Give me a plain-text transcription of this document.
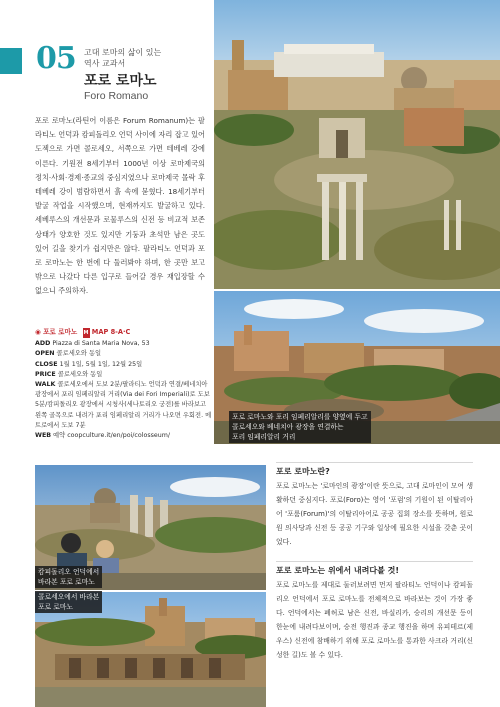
05 고대 로마의 삶이 있는
역사 교과서
포로 로마노
Foro Romano
포로 로마노(라틴어 이름은 Forum Romanum)는 팔라티노 언덕과 캄피돌리오 언덕 사이에 자리 잡고 있어 도젝으로 가면 콜로세오, 서쪽으로 가면 테베레 강에 이른다. 기원전 8세기부터 1000년 이상 로마제국의 정치·사회·경제·종교의 중심지였으나 로마제국 몰락 후 테베레 강이 범람하면서 흙 속에 묻혔다. 18세기부터 발굴 작업을 시작했으며, 현재까지도 발굴하고 있다. 세베루스의 개선문과 로물루스의 신전 등 비교적 보존 상태가 양호한 것도 있지만 기둥과 초석만 남은 곳도 있어 길을 찾기가 쉽지만은 않다. 팔라티노 언덕과 포로 로마노는 한 번에 다 둘러봐야 하며, 한 곳만 보고 밖으로 나갔다 다른 입구로 들어갈 경우 재입장할 수 없으니 주의하자.
◉ 포로 로마노 M MAP 8-A·C
ADD Piazza di Santa Maria Nova, 53
OPEN 콜로세오와 동일
CLOSE 1월 1일, 5월 1일, 12월 25일
PRICE 콜로세오와 동일
WALK 콜로세오에서 도보 2분/팔라티노 언덕과 연결/베네치아 광장에서 포리 임페리알리 거리(Via dei Fori Imperiali)로 도보 5분/캄피돌리오 광장에서 시청사(세나토리오 궁전)를 바라보고 왼쪽 골목으로 내려가 포리 임페리알리 거리가 나오면 우회전. 메트로에서 도보 7분
WEB 예약 coopculture.it/en/poi/colosseum/
포로 로마노와 포리 임페리알리를 양옆에 두고
콜로세오와 베네치아 광장을 연결하는
포리 임페리알리 거리
캄피돌리오 언덕에서
바라본 포로 로마노
콜로세오에서 바라본
포로 로마노
포로 로마노란?
포로 로마노는 '로마인의 광장'이란 뜻으로, 고대 로마인이 모여 생활하던 중심지다. 포로(Foro)는 영어 '포럼'의 기원이 된 이탈리아어 '포룸(Forum)'의 이탈리아어로 공공 집회 장소를 뜻하며, 원로원 의사당과 신전 등 공공 기구와 일상에 필요한 시설을 갖춘 곳이었다.
포로 로마노는 위에서 내려다볼 것!
포로 로마노를 제대로 둘러보려면 먼저 팔라티노 언덕이나 캄피돌리오 언덕에서 포로 로마노를 전체적으로 바라보는 것이 가장 좋다. 언덕에서는 폐허로 남은 신전, 바실리카, 승리의 개선문 등이 한눈에 내려다보이며, 승전 행진과 종교 행진을 하며 유피테르(제우스) 신전에 참배하기 위해 포로 로마노를 통과한 사크라 거리(신성한 길)도 볼 수 있다.
